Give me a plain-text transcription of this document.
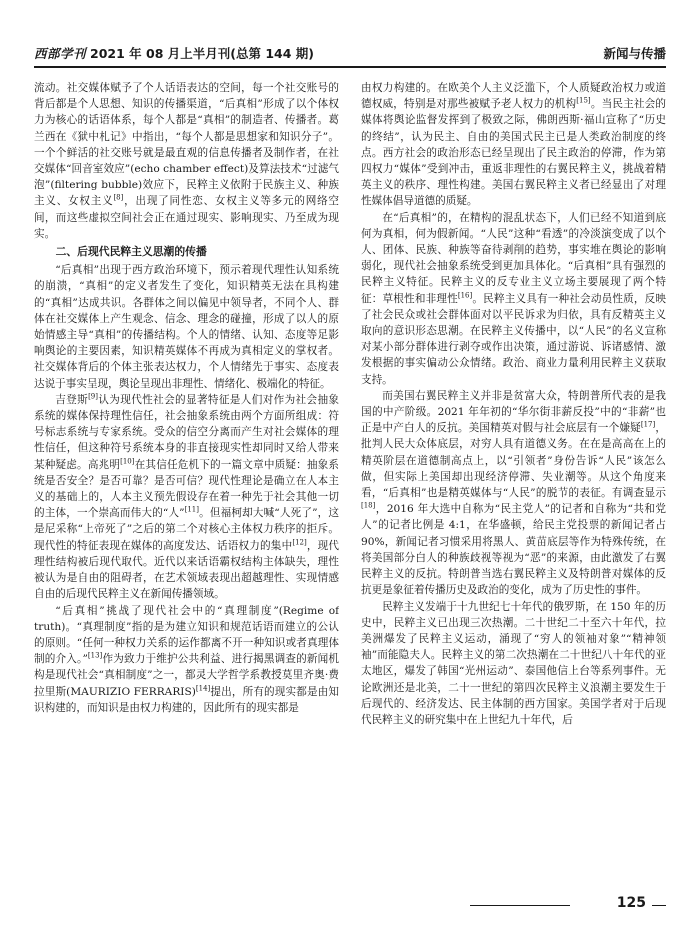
西部学刊 2021 年 08 月上半月刊(总第 144 期)	新闻与传播

流动。社交媒体赋予了个人话语表达的空间，每一个社交账号的背后都是个人思想、知识的传播渠道，“后真相”形成了以个体权力为核心的话语体系，每个人都是“真相”的制造者、传播者。葛兰西在《狱中札记》中指出，“每个人都是思想家和知识分子”。一个个鲜活的社交账号就是最直观的信息传播者及制作者，在社交媒体“回音室效应”(echo chamber effect)及算法技术“过滤气泡”(filtering bubble)效应下，民粹主义依附于民族主义、种族主义、女权主义[8]，出现了同性恋、女权主义等多元的网络空间，而这些虚拟空间社会正在通过现实、影响现实、乃至成为现实。

二、后现代民粹主义思潮的传播

“后真相”出现于西方政治环境下，预示着现代理性认知系统的崩溃，“真相”的定义者发生了变化，知识精英无法在具构建的“真相”达成共识。各群体之间以偏见中领导者，不同个人、群体在社交媒体上产生观念、信念、理念的碰撞，形成了以人的原始情感主导“真相”的传播结构。个人的情绪、认知、态度等足影响舆论的主要因素，知识精英媒体不再成为真相定义的掌权者。社交媒体背后的个体主张表达权力，个人情绪先于事实、态度表达说于事实呈现，舆论呈现出非理性、情绪化、极端化的特征。

吉登斯[9]认为现代性社会的显著特征是人们对作为社会抽象系统的媒体保持理性信任，社会抽象系统由两个方面所组成：符号标志系统与专家系统。受众的信空分离而产生对社会媒体的理性信任，但这种符号系统本身的非直接现实性却同时又给人带来某种疑虑。高兆明[10]在其信任危机下的一篇文章中质疑：抽象系统是否安全？是否可靠？是否可信？现代性理论是确立在人本主义的基础上的，人本主义预先假设存在着一种先于社会其他一切的主体，一个崇高而伟大的“人”[11]。但福柯却大喊“人死了”，这是尼采称“上帝死了”之后的第二个对核心主体权力秩序的拒斥。现代性的特征表现在媒体的高度发达、话语权力的集中[12]，现代理性结构被后现代取代。近代以来话语霸权结构主体缺失，理性被认为是自由的阻碍者，在艺术领域表现出超越理性、实现情感自由的后现代民粹主义在新闻传播领域。

“后真相”挑战了现代社会中的“真理制度”(Regime of truth)。“真理制度”指的是为建立知识和规范话语而建立的公认的原则。“任何一种权力关系的运作都离不开一种知识或者真理体制的介入。”[13]作为致力于维护公共利益、进行揭黑调查的新闻机构是现代社会“真相制度”之一，都灵大学哲学系教授莫里齐奥·费拉里斯(MAURIZIO FERRARIS)[14]提出，所有的现实都是由知识构建的，而知识是由权力构建的，因此所有的现实都是

由权力构建的。在欧美个人主义泛滥下，个人质疑政治权力或道德权威，特别是对那些被赋予老人权力的机构[15]。当民主社会的媒体将舆论监督发挥到了极致之际，佛朗西斯·福山宣称了“历史的终结”，认为民主、自由的美国式民主已是人类政治制度的终点。西方社会的政治形态已经呈现出了民主政治的停滞，作为第四权力“媒体”受到冲击，重返非理性的右翼民粹主义，挑战着精英主义的秩序、理性构建。美国右翼民粹主义者已经显出了对理性媒体倡导道德的质疑。

在“后真相”的，在精构的混乱状态下，人们已经不知道到底何为真相，何为假新闻。“人民”这种“看透”的冷淡演变成了以个人、团体、民族、种族等奋待剥削的趋势，事实堆在舆论的影响弱化，现代社会抽象系统受到更加具体化。“后真相”具有强烈的民粹主义特征。民粹主义的反专业主义立场主要展现了两个特征：草根性和非理性[16]。民粹主义具有一种社会动员性质，反映了社会民众或社会群体面对以平民诉求为归依，具有反精英主义取向的意识形态思潮。在民粹主义传播中，以“人民”的名义宣称对某小部分群体进行剥夺或作出决策，通过游说、诉诸感情、激发根据的事实偏动公众情绪。政治、商业力量利用民粹主义获取支持。

而美国右翼民粹主义并非是贫富大众，特朗普所代表的是我国的中产阶级。2021 年年初的“华尔街非薪反投”中的“非薪”也正是中产白人的反抗。美国精英对假与社会底层有一个嫌疑[17]，批判人民大众体底层，对穷人具有道德义务。在在是高高在上的精英阶层在道德制高点上，以“引领者”身份告诉“人民”该怎么做，但实际上美国却出现经济停滞、失业潮等。从这个角度来看，“后真相”也是精英媒体与“人民”的脱节的表征。有调查显示[18]，2016 年大选中自称为“民主党人”的记者和自称为“共和党人”的记者比例是 4:1，在华盛顿，给民主党投票的新闻记者占 90%，新闻记者习惯采用将黑人、黄苗底层等作为特殊传统，在将美国部分白人的种族歧视等视为“恶”的来源，由此激发了右翼民粹主义的反抗。特朗普当选右翼民粹主义及特朗普对媒体的反抗更是象征着传播历史及政治的变化，成为了历史性的事件。

民粹主义发端于十九世纪七十年代的俄罗斯，在 150 年的历史中，民粹主义已出现三次热潮。二十世纪二十至六十年代，拉美洲爆发了民粹主义运动，涌现了“穷人的领袖对象”“精神领袖”而能隐夫人。民粹主义的第二次热潮在二十世纪八十年代的亚太地区，爆发了韩国“光州运动”、泰国他信上台等系列事件。无论欧洲还是北美，二十一世纪的第四次民粹主义浪潮主要发生于后现代的、经济发达、民主体制的西方国家。美国学者对于后现代民粹主义的研究集中在上世纪九十年代，后

125
